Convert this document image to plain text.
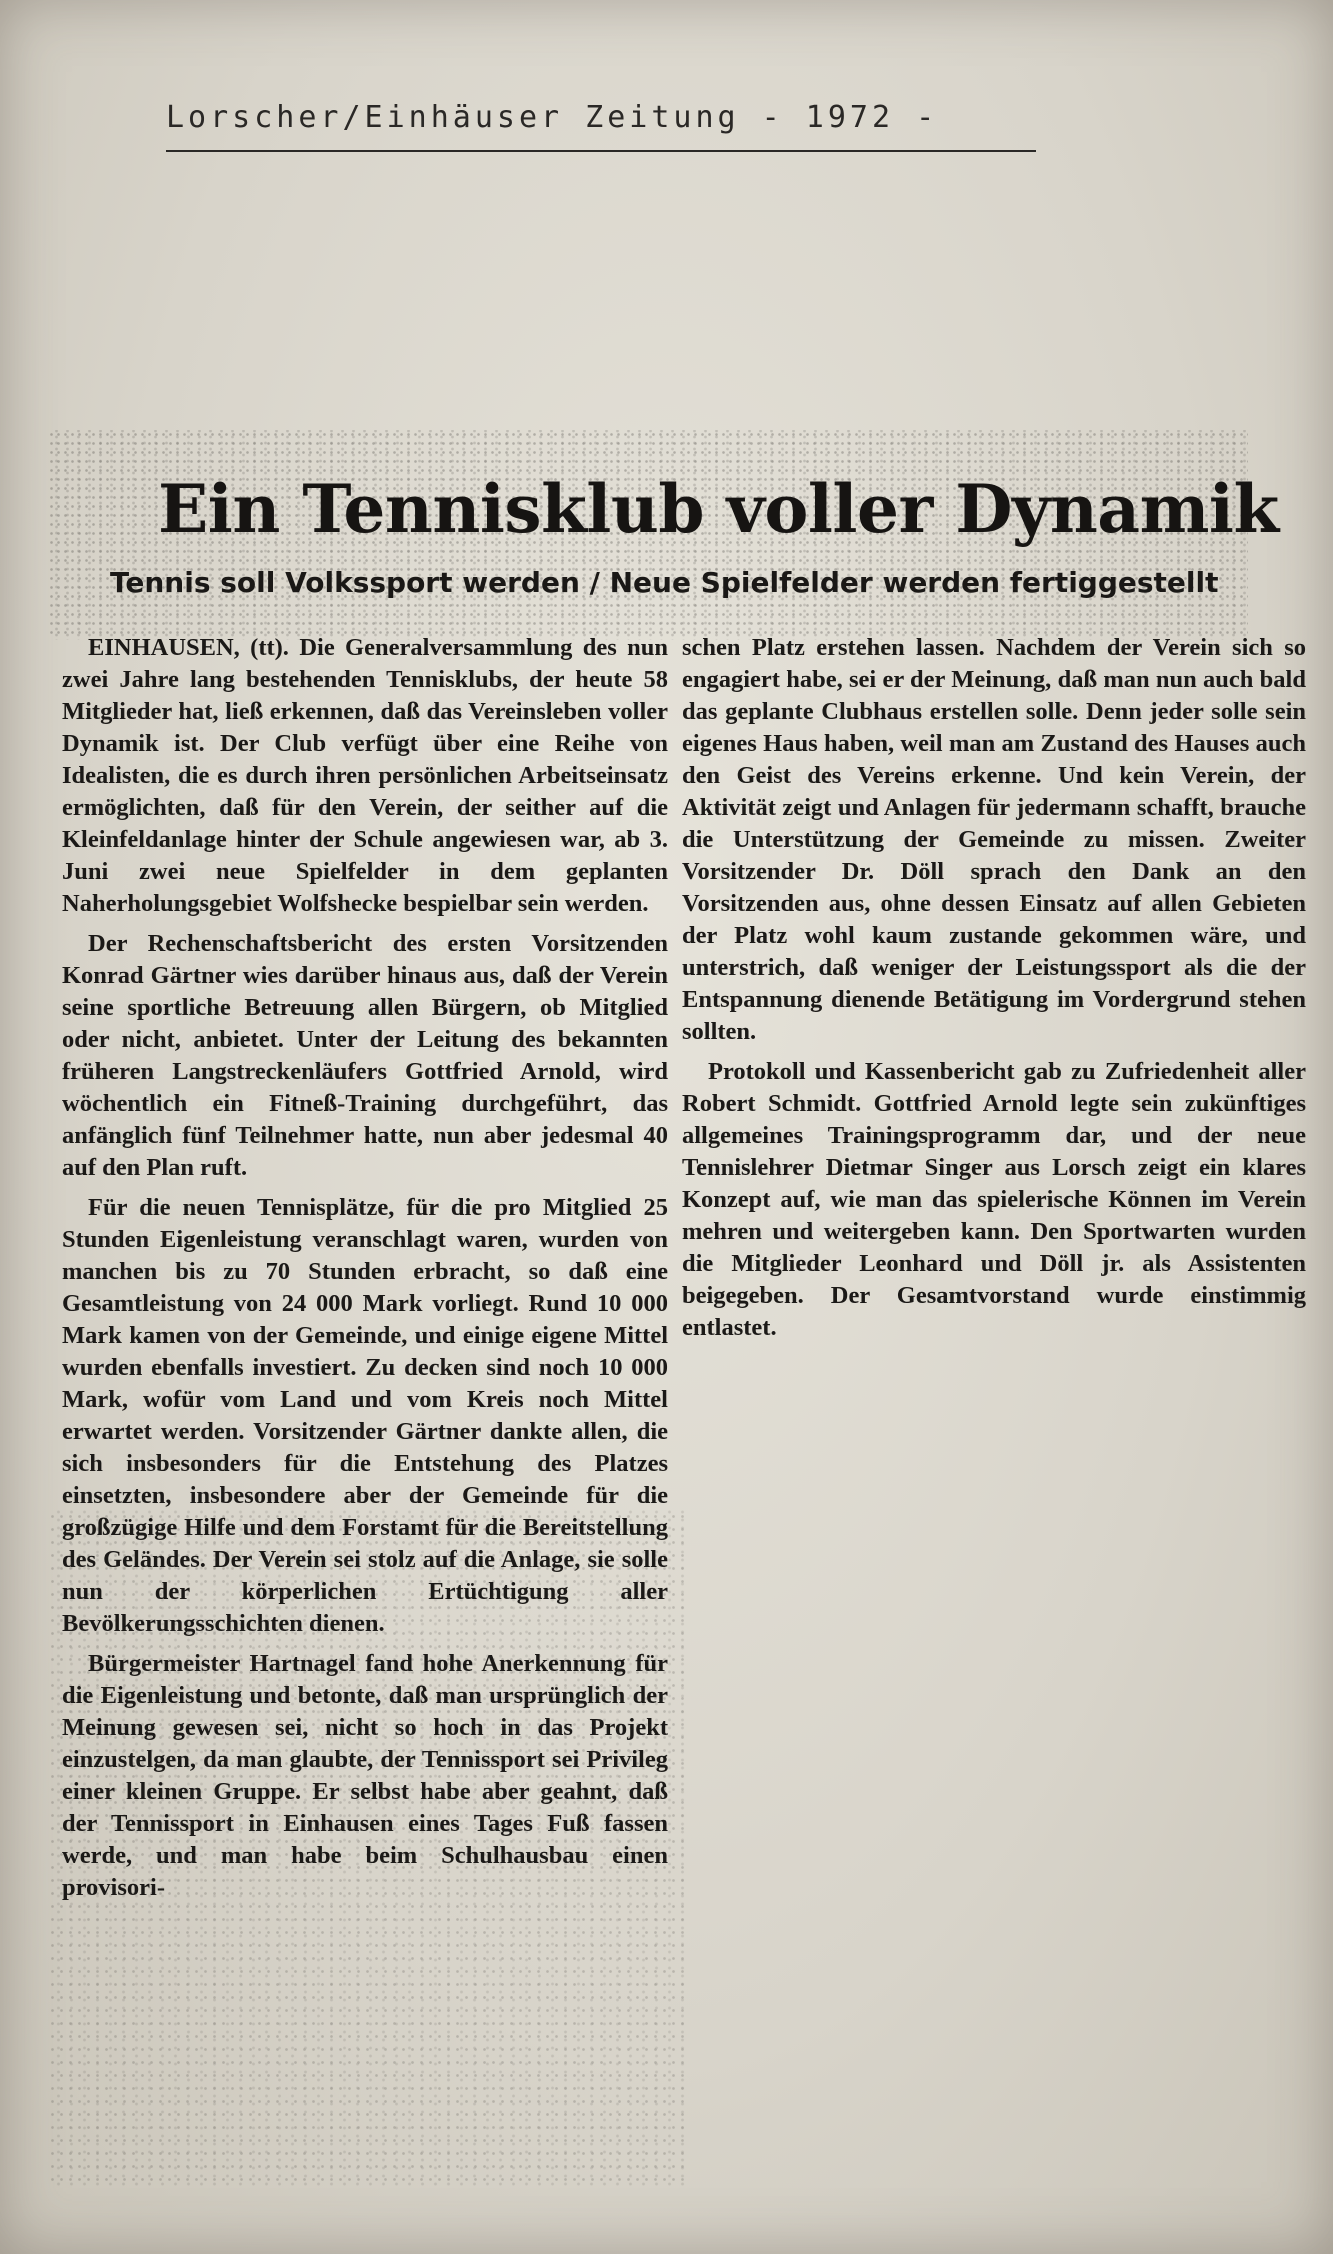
Lorscher/Einhäuser Zeitung - 1972 -
Ein Tennisklub voller Dynamik
Tennis soll Volkssport werden / Neue Spielfelder werden fertiggestellt

EINHAUSEN, (tt). Die Generalversammlung des nun zwei Jahre lang bestehenden Tennisklubs, der heute 58 Mitglieder hat, ließ erkennen, daß das Vereinsleben voller Dynamik ist. Der Club verfügt über eine Reihe von Idealisten, die es durch ihren persönlichen Arbeitseinsatz ermöglichten, daß für den Verein, der seither auf die Kleinfeldanlage hinter der Schule angewiesen war, ab 3. Juni zwei neue Spielfelder in dem geplanten Naherholungsgebiet Wolfshecke bespielbar sein werden.

Der Rechenschaftsbericht des ersten Vorsitzenden Konrad Gärtner wies darüber hinaus aus, daß der Verein seine sportliche Betreuung allen Bürgern, ob Mitglied oder nicht, anbietet. Unter der Leitung des bekannten früheren Langstreckenläufers Gottfried Arnold, wird wöchentlich ein Fitneß-Training durchgeführt, das anfänglich fünf Teilnehmer hatte, nun aber jedesmal 40 auf den Plan ruft.

Für die neuen Tennisplätze, für die pro Mitglied 25 Stunden Eigenleistung veranschlagt waren, wurden von manchen bis zu 70 Stunden erbracht, so daß eine Gesamtleistung von 24 000 Mark vorliegt. Rund 10 000 Mark kamen von der Gemeinde, und einige eigene Mittel wurden ebenfalls investiert. Zu decken sind noch 10 000 Mark, wofür vom Land und vom Kreis noch Mittel erwartet werden. Vorsitzender Gärtner dankte allen, die sich insbesonders für die Entstehung des Platzes einsetzten, insbesondere aber der Gemeinde für die großzügige Hilfe und dem Forstamt für die Bereitstellung des Geländes. Der Verein sei stolz auf die Anlage, sie solle nun der körperlichen Ertüchtigung aller Bevölkerungsschichten dienen.

Bürgermeister Hartnagel fand hohe Anerkennung für die Eigenleistung und betonte, daß man ursprünglich der Meinung gewesen sei, nicht so hoch in das Projekt einzustelgen, da man glaubte, der Tennissport sei Privileg einer kleinen Gruppe. Er selbst habe aber geahnt, daß der Tennissport in Einhausen eines Tages Fuß fassen werde, und man habe beim Schulhausbau einen provisori-

schen Platz erstehen lassen. Nachdem der Verein sich so engagiert habe, sei er der Meinung, daß man nun auch bald das geplante Clubhaus erstellen solle. Denn jeder solle sein eigenes Haus haben, weil man am Zustand des Hauses auch den Geist des Vereins erkenne. Und kein Verein, der Aktivität zeigt und Anlagen für jedermann schafft, brauche die Unterstützung der Gemeinde zu missen. Zweiter Vorsitzender Dr. Döll sprach den Dank an den Vorsitzenden aus, ohne dessen Einsatz auf allen Gebieten der Platz wohl kaum zustande gekommen wäre, und unterstrich, daß weniger der Leistungssport als die der Entspannung dienende Betätigung im Vordergrund stehen sollten.

Protokoll und Kassenbericht gab zu Zufriedenheit aller Robert Schmidt. Gottfried Arnold legte sein zukünftiges allgemeines Trainingsprogramm dar, und der neue Tennislehrer Dietmar Singer aus Lorsch zeigt ein klares Konzept auf, wie man das spielerische Können im Verein mehren und weitergeben kann. Den Sportwarten wurden die Mitglieder Leonhard und Döll jr. als Assistenten beigegeben. Der Gesamtvorstand wurde einstimmig entlastet.
